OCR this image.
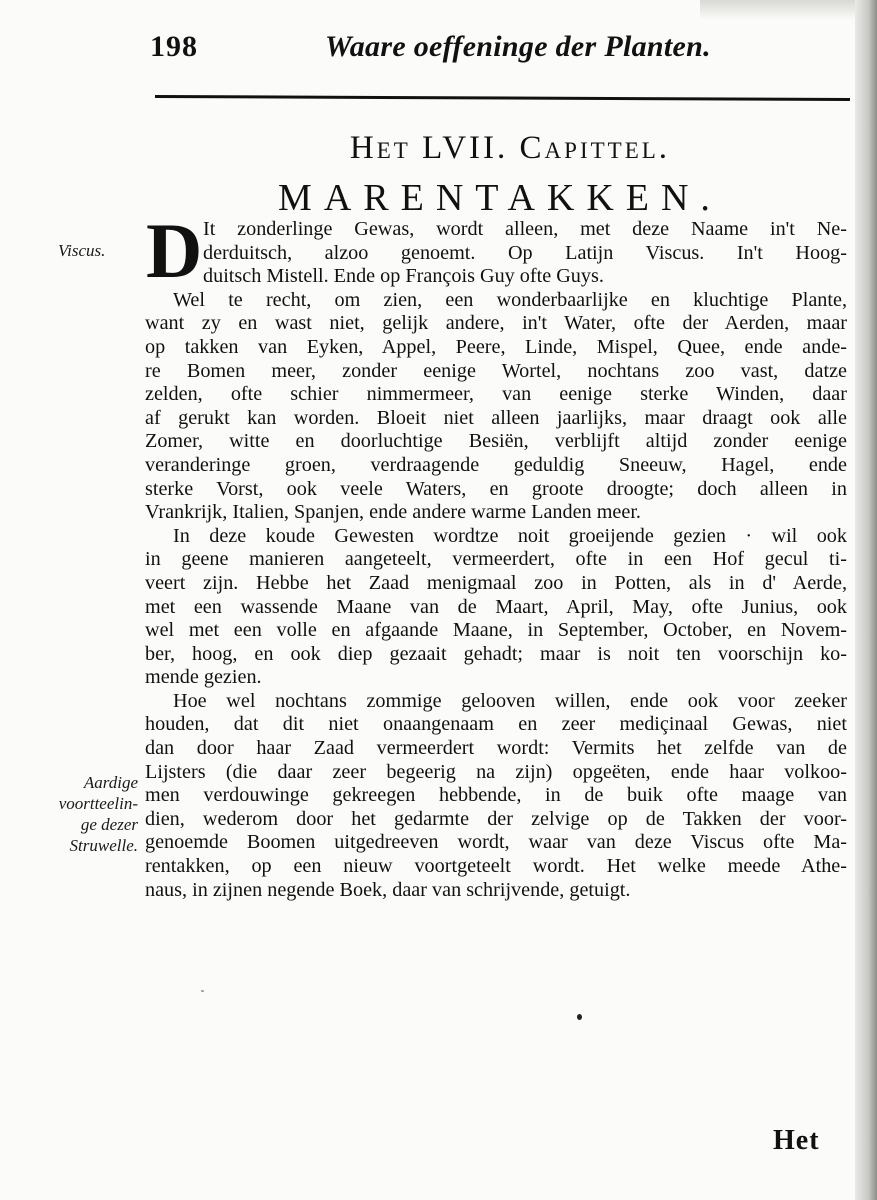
198	Waare oeffeninge der Planten.
Het LVII. Capittel.
MARENTAKKEN.
Viscus.
Aardige
voortteelin-
ge dezer
Struwelle.
D It zonderlinge Gewas, wordt alleen, met deze Naame in't Ne-
derduitsch, alzoo genoemt. Op Latijn Viscus. In't Hoog-
duitsch Mistell. Ende op François Guy ofte Guys.
Wel te recht, om zien, een wonderbaarlijke en kluchtige Plante,
want zy en wast niet, gelijk andere, in't Water, ofte der Aerden, maar
op takken van Eyken, Appel, Peere, Linde, Mispel, Quee, ende ande-
re Bomen meer, zonder eenige Wortel, nochtans zoo vast, datze
zelden, ofte schier nimmermeer, van eenige sterke Winden, daar
af gerukt kan worden. Bloeit niet alleen jaarlijks, maar draagt ook alle
Zomer, witte en doorluchtige Besiën, verblijft altijd zonder eenige
veranderinge groen, verdraagende geduldig Sneeuw, Hagel, ende
sterke Vorst, ook veele Waters, en groote droogte; doch alleen in
Vrankrijk, Italien, Spanjen, ende andere warme Landen meer.
In deze koude Gewesten wordtze noit groeijende gezien · wil ook
in geene manieren aangeteelt, vermeerdert, ofte in een Hof gecul ti-
veert zijn. Hebbe het Zaad menigmaal zoo in Potten, als in d' Aerde,
met een wassende Maane van de Maart, April, May, ofte Junius, ook
wel met een volle en afgaande Maane, in September, October, en Novem-
ber, hoog, en ook diep gezaait gehadt; maar is noit ten voorschijn ko-
mende gezien.
Hoe wel nochtans zommige gelooven willen, ende ook voor zeeker
houden, dat dit niet onaangenaam en zeer mediçinaal Gewas, niet
dan door haar Zaad vermeerdert wordt: Vermits het zelfde van de
Lijsters (die daar zeer begeerig na zijn) opgeëten, ende haar volkoo-
men verdouwinge gekreegen hebbende, in de buik ofte maage van
dien, wederom door het gedarmte der zelvige op de Takken der voor-
genoemde Boomen uitgedreeven wordt, waar van deze Viscus ofte Ma-
rentakken, op een nieuw voortgeteelt wordt. Het welke meede Athe-
naus, in zijnen negende Boek, daar van schrijvende, getuigt.
Het
